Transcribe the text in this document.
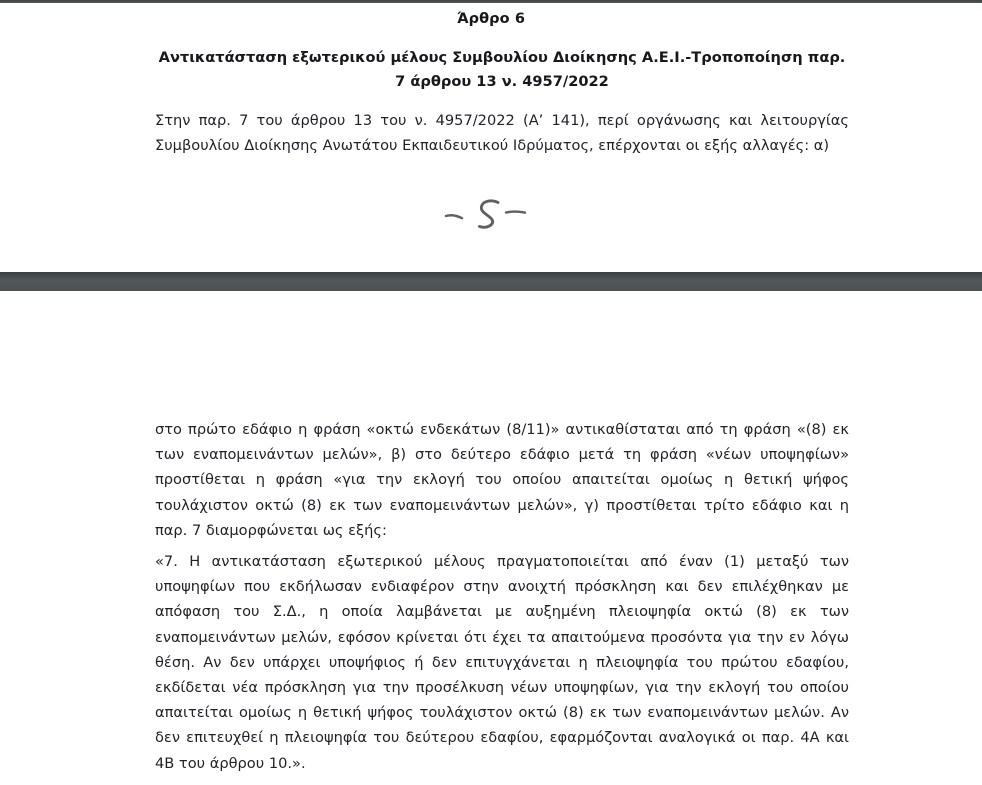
Άρθρο 6
Αντικατάσταση εξωτερικού μέλους Συμβουλίου Διοίκησης Α.Ε.Ι.-Τροποποίηση παρ. 7 άρθρου 13 ν. 4957/2022
Στην παρ. 7 του άρθρου 13 του ν. 4957/2022 (Α’ 141), περί οργάνωσης και λειτουργίας Συμβουλίου Διοίκησης Ανωτάτου Εκπαιδευτικού Ιδρύματος, επέρχονται οι εξής αλλαγές: α)

στο πρώτο εδάφιο η φράση «οκτώ ενδεκάτων (8/11)» αντικαθίσταται από τη φράση «(8) εκ των εναπομεινάντων μελών», β) στο δεύτερο εδάφιο μετά τη φράση «νέων υποψηφίων» προστίθεται η φράση «για την εκλογή του οποίου απαιτείται ομοίως η θετική ψήφος τουλάχιστον οκτώ (8) εκ των εναπομεινάντων μελών», γ) προστίθεται τρίτο εδάφιο και η παρ. 7 διαμορφώνεται ως εξής:

«7. Η αντικατάσταση εξωτερικού μέλους πραγματοποιείται από έναν (1) μεταξύ των υποψηφίων που εκδήλωσαν ενδιαφέρον στην ανοιχτή πρόσκληση και δεν επιλέχθηκαν με απόφαση του Σ.Δ., η οποία λαμβάνεται με αυξημένη πλειοψηφία οκτώ (8) εκ των εναπομεινάντων μελών, εφόσον κρίνεται ότι έχει τα απαιτούμενα προσόντα για την εν λόγω θέση. Αν δεν υπάρχει υποψήφιος ή δεν επιτυγχάνεται η πλειοψηφία του πρώτου εδαφίου, εκδίδεται νέα πρόσκληση για την προσέλκυση νέων υποψηφίων, για την εκλογή του οποίου απαιτείται ομοίως η θετική ψήφος τουλάχιστον οκτώ (8) εκ των εναπομεινάντων μελών. Αν δεν επιτευχθεί η πλειοψηφία του δεύτερου εδαφίου, εφαρμόζονται αναλογικά οι παρ. 4Α και 4Β του άρθρου 10.».
